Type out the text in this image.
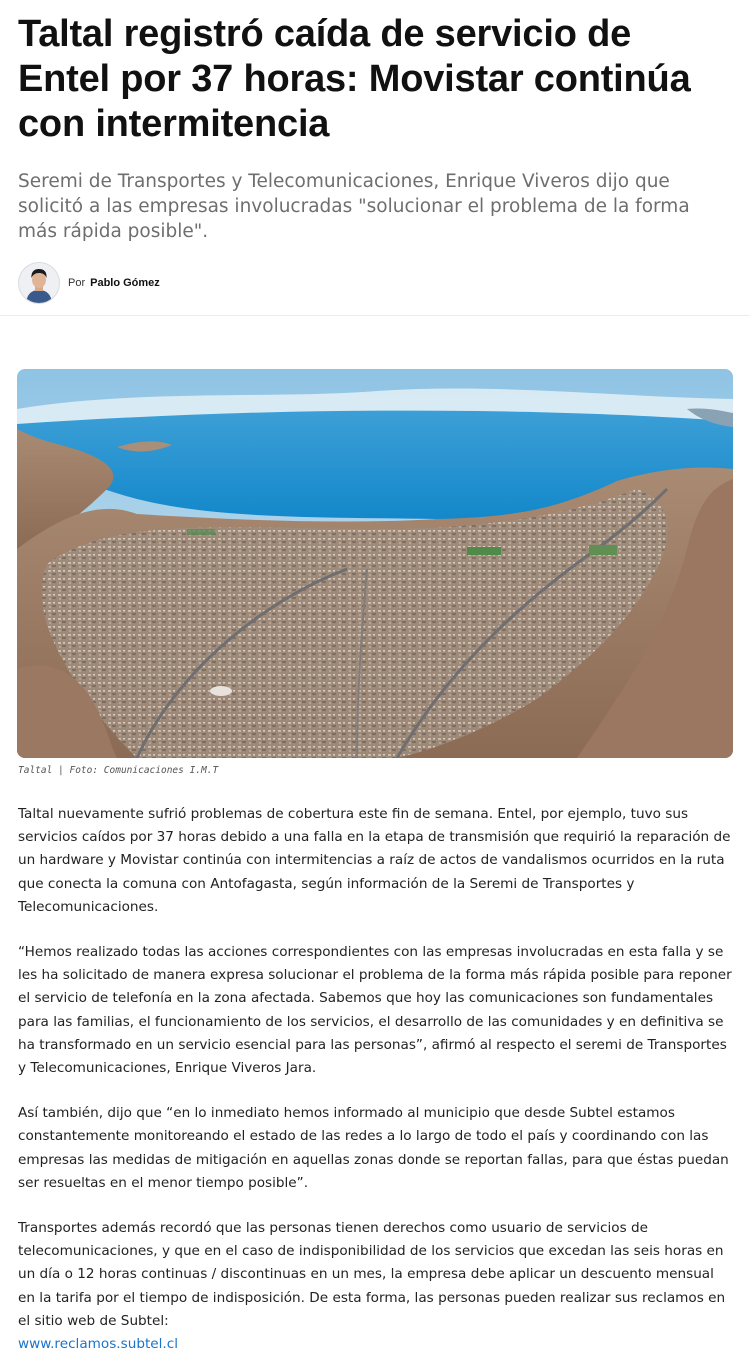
Taltal registró caída de servicio de Entel por 37 horas: Movistar continúa con intermitencia

Seremi de Transportes y Telecomunicaciones, Enrique Viveros dijo que solicitó a las empresas involucradas "solucionar el problema de la forma más rápida posible".

Por Pablo Gómez
Taltal | Foto: Comunicaciones I.M.T

Taltal nuevamente sufrió problemas de cobertura este fin de semana. Entel, por ejemplo, tuvo sus servicios caídos por 37 horas debido a una falla en la etapa de transmisión que requirió la reparación de un hardware y Movistar continúa con intermitencias a raíz de actos de vandalismos ocurridos en la ruta que conecta la comuna con Antofagasta, según información de la Seremi de Transportes y Telecomunicaciones.

“Hemos realizado todas las acciones correspondientes con las empresas involucradas en esta falla y se les ha solicitado de manera expresa solucionar el problema de la forma más rápida posible para reponer el servicio de telefonía en la zona afectada. Sabemos que hoy las comunicaciones son fundamentales para las familias, el funcionamiento de los servicios, el desarrollo de las comunidades y en definitiva se ha transformado en un servicio esencial para las personas”, afirmó al respecto el seremi de Transportes y Telecomunicaciones, Enrique Viveros Jara.

Así también, dijo que “en lo inmediato hemos informado al municipio que desde Subtel estamos constantemente monitoreando el estado de las redes a lo largo de todo el país y coordinando con las empresas las medidas de mitigación en aquellas zonas donde se reportan fallas, para que éstas puedan ser resueltas en el menor tiempo posible”.

Transportes además recordó que las personas tienen derechos como usuario de servicios de telecomunicaciones, y que en el caso de indisponibilidad de los servicios que excedan las seis horas en un día o 12 horas continuas / discontinuas en un mes, la empresa debe aplicar un descuento mensual en la tarifa por el tiempo de indisposición. De esta forma, las personas pueden realizar sus reclamos en el sitio web de Subtel:
www.reclamos.subtel.cl
